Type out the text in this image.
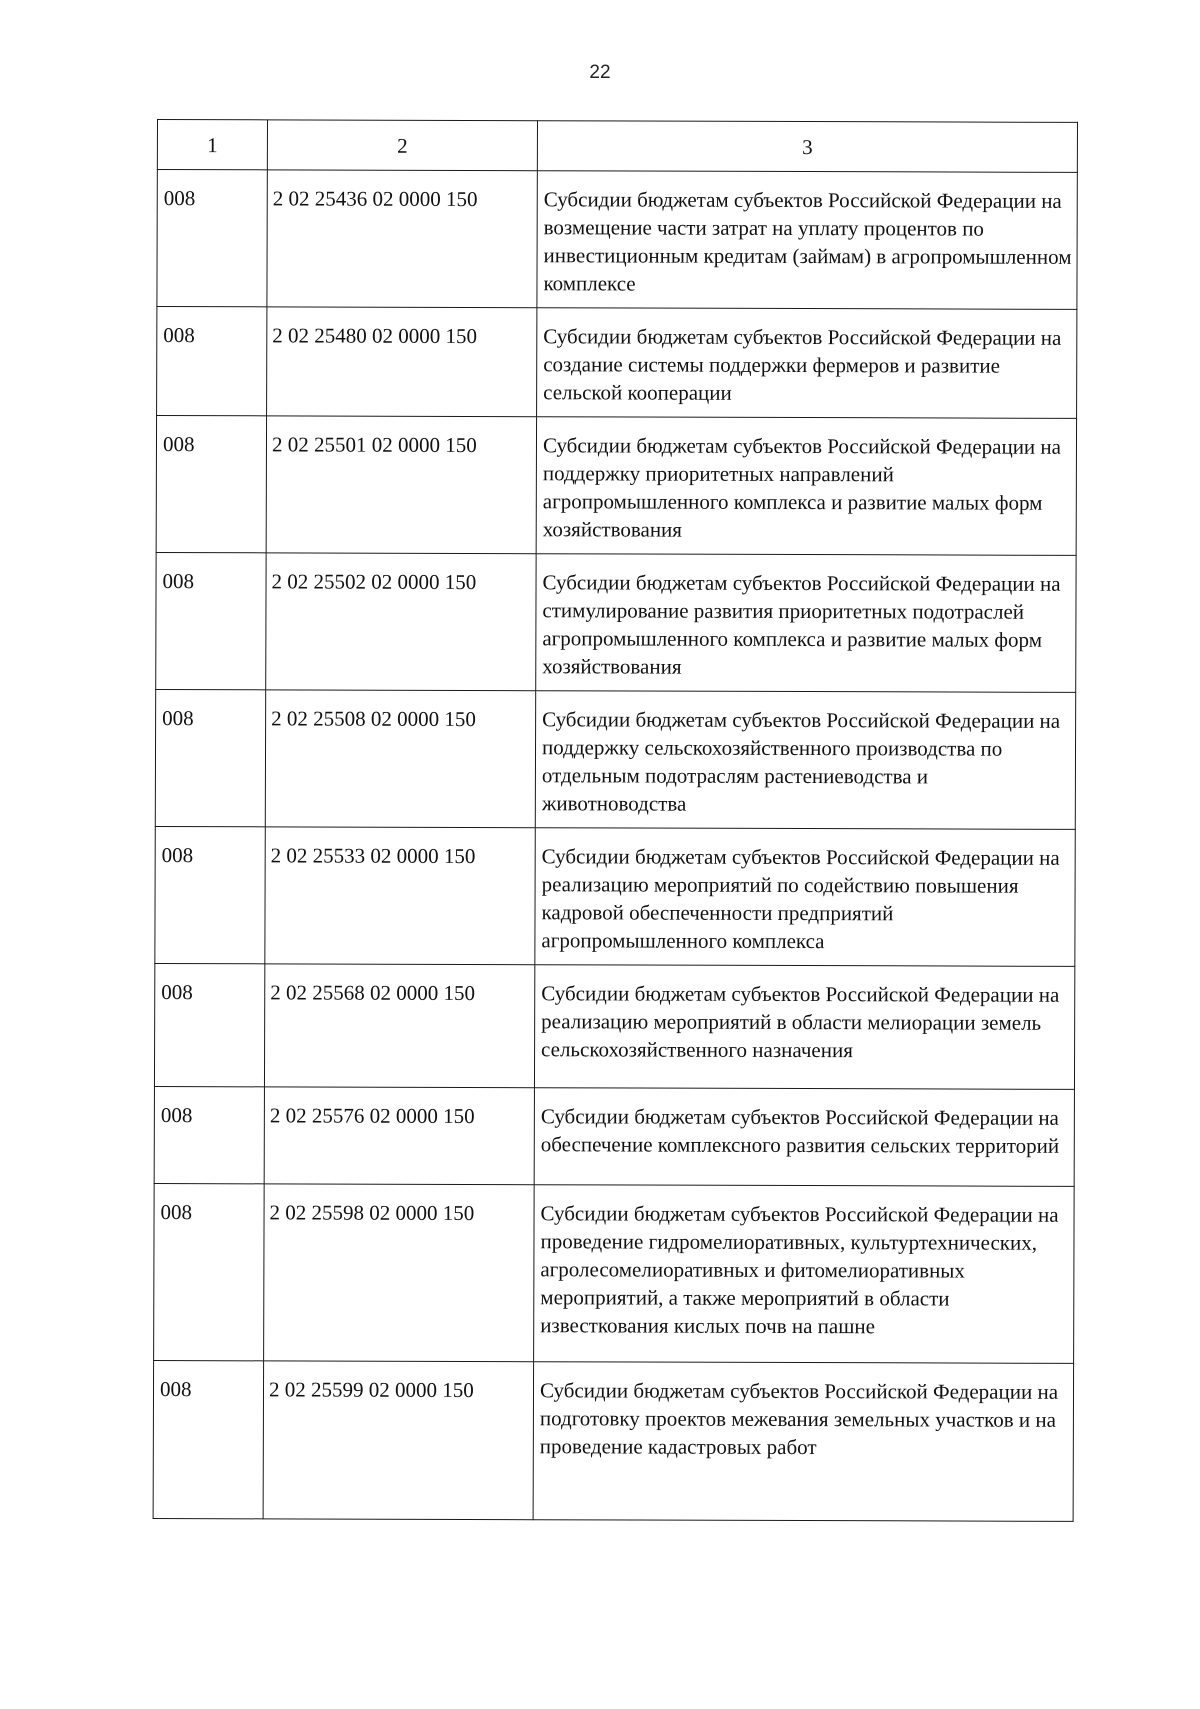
22
1	2	3
008	2 02 25436 02 0000 150	Субсидии бюджетам субъектов Российской Федерации на возмещение части затрат на уплату процентов по инвестиционным кредитам (займам) в агропромышленном комплексе
008	2 02 25480 02 0000 150	Субсидии бюджетам субъектов Российской Федерации на создание системы поддержки фермеров и развитие сельской кооперации
008	2 02 25501 02 0000 150	Субсидии бюджетам субъектов Российской Федерации на поддержку приоритетных направлений агропромышленного комплекса и развитие малых форм хозяйствования
008	2 02 25502 02 0000 150	Субсидии бюджетам субъектов Российской Федерации на стимулирование развития приоритетных подотраслей агропромышленного комплекса и развитие малых форм хозяйствования
008	2 02 25508 02 0000 150	Субсидии бюджетам субъектов Российской Федерации на поддержку сельскохозяйственного производства по отдельным подотраслям растениеводства и животноводства
008	2 02 25533 02 0000 150	Субсидии бюджетам субъектов Российской Федерации на реализацию мероприятий по содействию повышения кадровой обеспеченности предприятий агропромышленного комплекса
008	2 02 25568 02 0000 150	Субсидии бюджетам субъектов Российской Федерации на реализацию мероприятий в области мелиорации земель сельскохозяйственного назначения
008	2 02 25576 02 0000 150	Субсидии бюджетам субъектов Российской Федерации на обеспечение комплексного развития сельских территорий
008	2 02 25598 02 0000 150	Субсидии бюджетам субъектов Российской Федерации на проведение гидромелиоративных, культуртехнических, агролесомелиоративных и фитомелиоративных мероприятий, а также мероприятий в области известкования кислых почв на пашне
008	2 02 25599 02 0000 150	Субсидии бюджетам субъектов Российской Федерации на подготовку проектов межевания земельных участков и на проведение кадастровых работ
